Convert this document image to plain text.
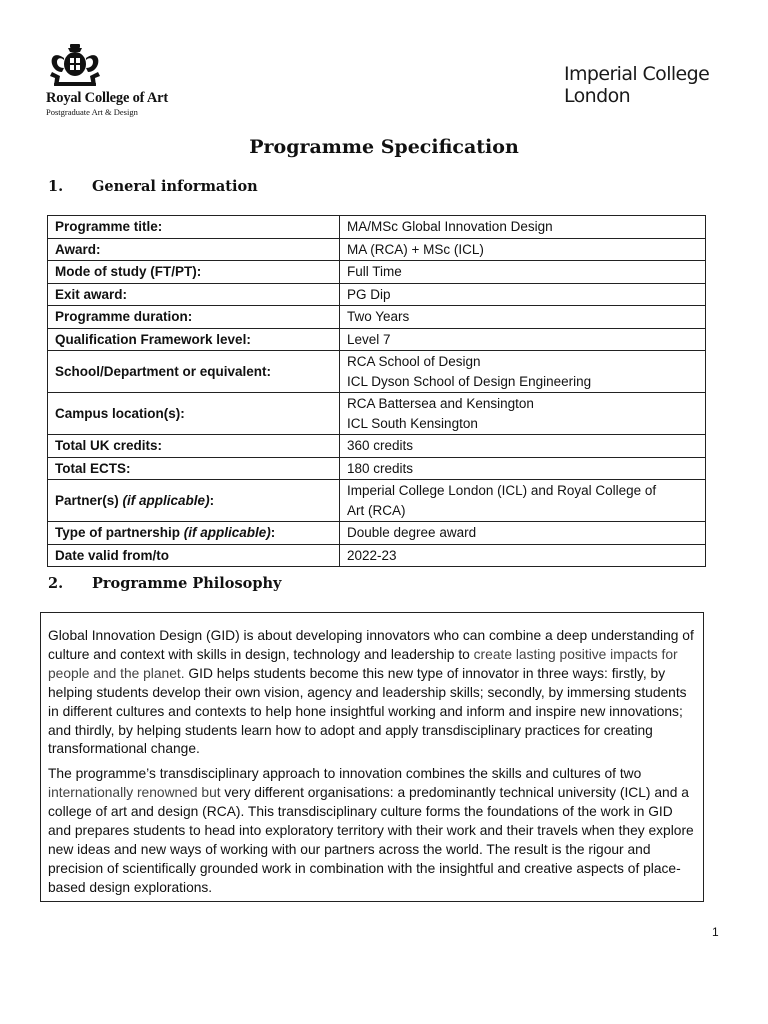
Royal College of Art
Postgraduate Art & Design
Imperial College
London
Programme Specification
1. General information
Programme title:	MA/MSc Global Innovation Design

Award:	MA (RCA) + MSc (ICL)

Mode of study (FT/PT):	Full Time

Exit award:	PG Dip

Programme duration:	Two Years

Qualification Framework level:	Level 7

School/Department or equivalent:	RCA School of Design
ICL Dyson School of Design Engineering

Campus location(s):	RCA Battersea and Kensington
ICL South Kensington

Total UK credits:	360 credits

Total ECTS:	180 credits

Partner(s) (if applicable):	Imperial College London (ICL) and Royal College of
Art (RCA)

Type of partnership (if applicable):	Double degree award

Date valid from/to	2022-23
2. Programme Philosophy

Global Innovation Design (GID) is about developing innovators who can combine a deep understanding of culture and context with skills in design, technology and leadership to create lasting positive impacts for people and the planet. GID helps students become this new type of innovator in three ways: firstly, by helping students develop their own vision, agency and leadership skills; secondly, by immersing students in different cultures and contexts to help hone insightful working and inform and inspire new innovations; and thirdly, by helping students learn how to adopt and apply transdisciplinary practices for creating transformational change.

The programme’s transdisciplinary approach to innovation combines the skills and cultures of two internationally renowned but very different organisations: a predominantly technical university (ICL) and a college of art and design (RCA). This transdisciplinary culture forms the foundations of the work in GID and prepares students to head into exploratory territory with their work and their travels when they explore new ideas and new ways of working with our partners across the world. The result is the rigour and precision of scientifically grounded work in combination with the insightful and creative aspects of place-based design explorations.

1
